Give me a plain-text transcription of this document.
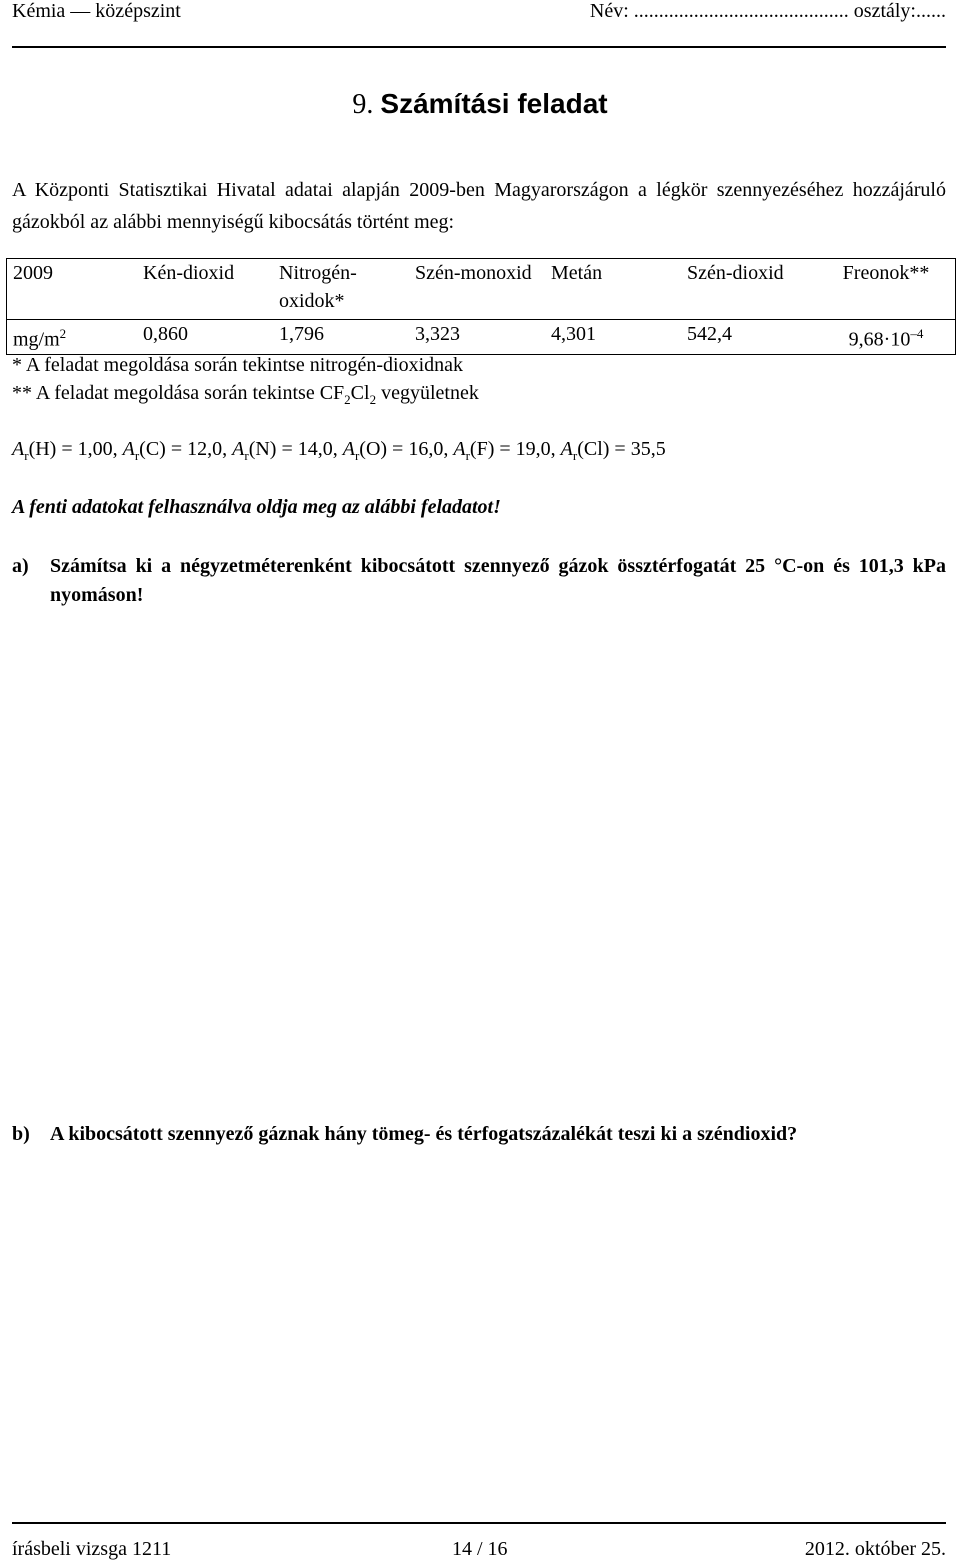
Kémia — középszint	Név: ........................................... osztály:......
9. Számítási feladat
A Központi Statisztikai Hivatal adatai alapján 2009-ben Magyarországon a légkör szennyezéséhez hozzájáruló gázokból az alábbi mennyiségű kibocsátás történt meg:
2009	Kén-dioxid	Nitrogén-oxidok*	Szén-monoxid	Metán	Szén-dioxid	Freonok**
$mg/m^2$	0,860	1,796	3,323	4,301	542,4	$9,68\cdot 10^{-4}$
* A feladat megoldása során tekintse nitrogén-dioxidnak
** A feladat megoldása során tekintse $CF_2Cl_2$ vegyületnek
$A_r(H) = 1,00$, $A_r(C) = 12,0$, $A_r(N) = 14,0$, $A_r(O) = 16,0$, $A_r(F) = 19,0$, $A_r(Cl) = 35,5$
A fenti adatokat felhasználva oldja meg az alábbi feladatot!
a) Számítsa ki a négyzetméterenként kibocsátott szennyező gázok össztérfogatát 25 °C-on és 101,3 kPa nyomáson!
b) A kibocsátott szennyező gáznak hány tömeg- és térfogatszázalékát teszi ki a széndioxid?
írásbeli vizsga 1211	14 / 16	2012. október 25.
